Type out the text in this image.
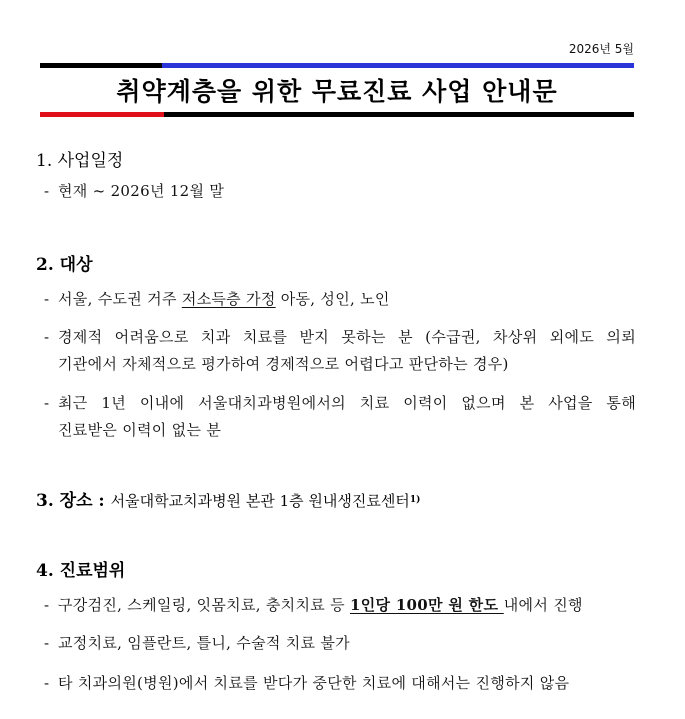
2026년 5월
취약계층을 위한 무료진료 사업 안내문
1. 사업일정
- 현재 ~ 2026년 12월 말
2. 대상
- 서울, 수도권 거주 저소득층 가정 아동, 성인, 노인
- 경제적 어려움으로 치과 치료를 받지 못하는 분 (수급권, 차상위 외에도 의뢰
기관에서 자체적으로 평가하여 경제적으로 어렵다고 판단하는 경우)
- 최근 1년 이내에 서울대치과병원에서의 치료 이력이 없으며 본 사업을 통해
진료받은 이력이 없는 분
3. 장소 : 서울대학교치과병원 본관 1층 원내생진료센터$^{1)}$
4. 진료범위
- 구강검진, 스케일링, 잇몸치료, 충치치료 등 1인당 100만 원 한도 내에서 진행
- 교정치료, 임플란트, 틀니, 수술적 치료 불가
- 타 치과의원(병원)에서 치료를 받다가 중단한 치료에 대해서는 진행하지 않음
